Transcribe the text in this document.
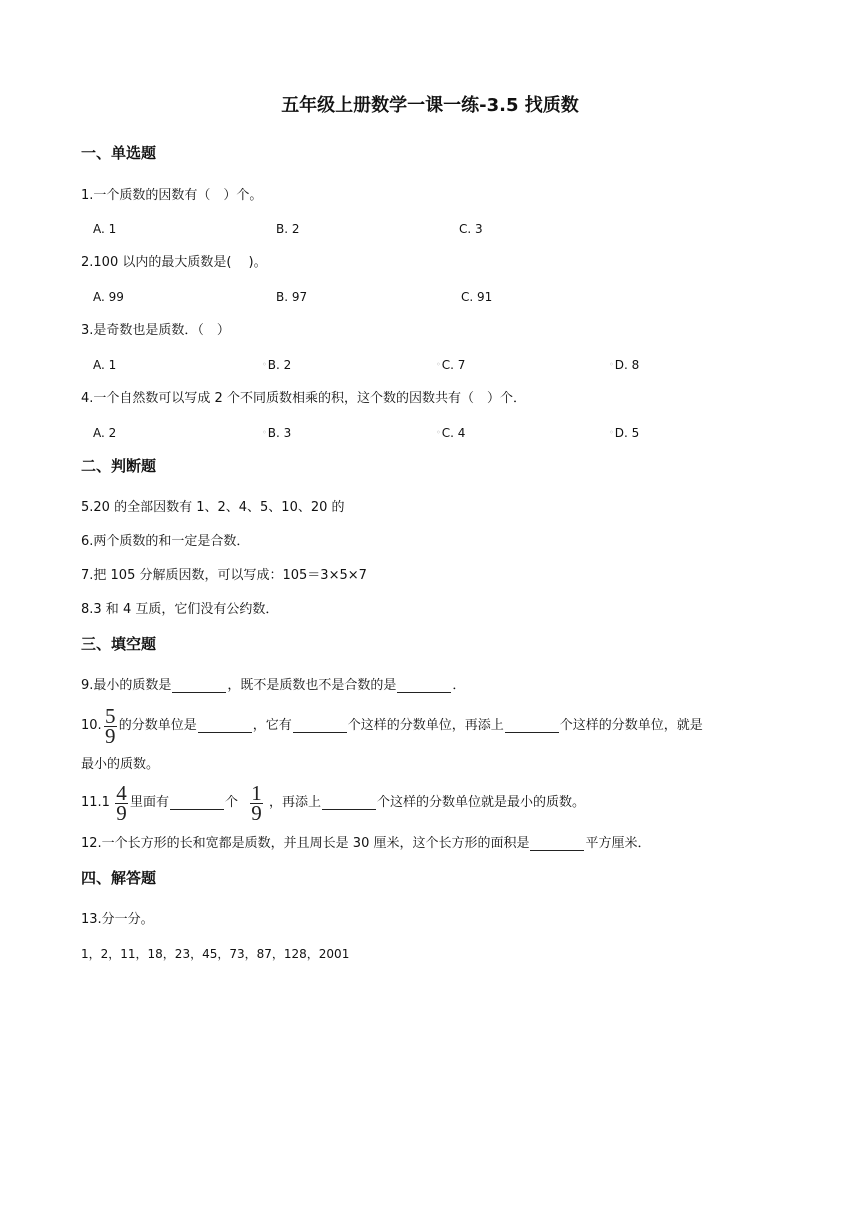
五年级上册数学一课一练-3.5 找质数
一、单选题
1.一个质数的因数有（　）个。
A. 1	B. 2	C. 3
2.100 以内的最大质数是(　 )。
A. 99	B. 97	C. 91
3.是奇数也是质数．（　）
A. 1	◦ B. 2	◦ C. 7	◦ D. 8
4.一个自然数可以写成 2 个不同质数相乘的积，这个数的因数共有（　）个．
A. 2	◦ B. 3	◦ C. 4	◦ D. 5
二、判断题
5.20 的全部因数有 1、2、4、5、10、20 的
6.两个质数的和一定是合数．
7.把 105 分解质因数，可以写成：105＝3×5×7
8.3 和 4 互质，它们没有公约数．
三、填空题
9.最小的质数是	，既不是质数也不是合数的是	．
10. $\frac{5}{9}$ 的分数单位是	，它有	个这样的分数单位，再添上	个这样的分数单位，就是
最小的质数。
$11.1 \frac{4}{9}$ 里面有	个 $\frac{1}{9}$ ，再添上	个这样的分数单位就是最小的质数。
12.一个长方形的长和宽都是质数，并且周长是 30 厘米，这个长方形的面积是	平方厘米．
四、解答题
13.分一分。
1，2，11，18，23，45，73，87，128，2001
